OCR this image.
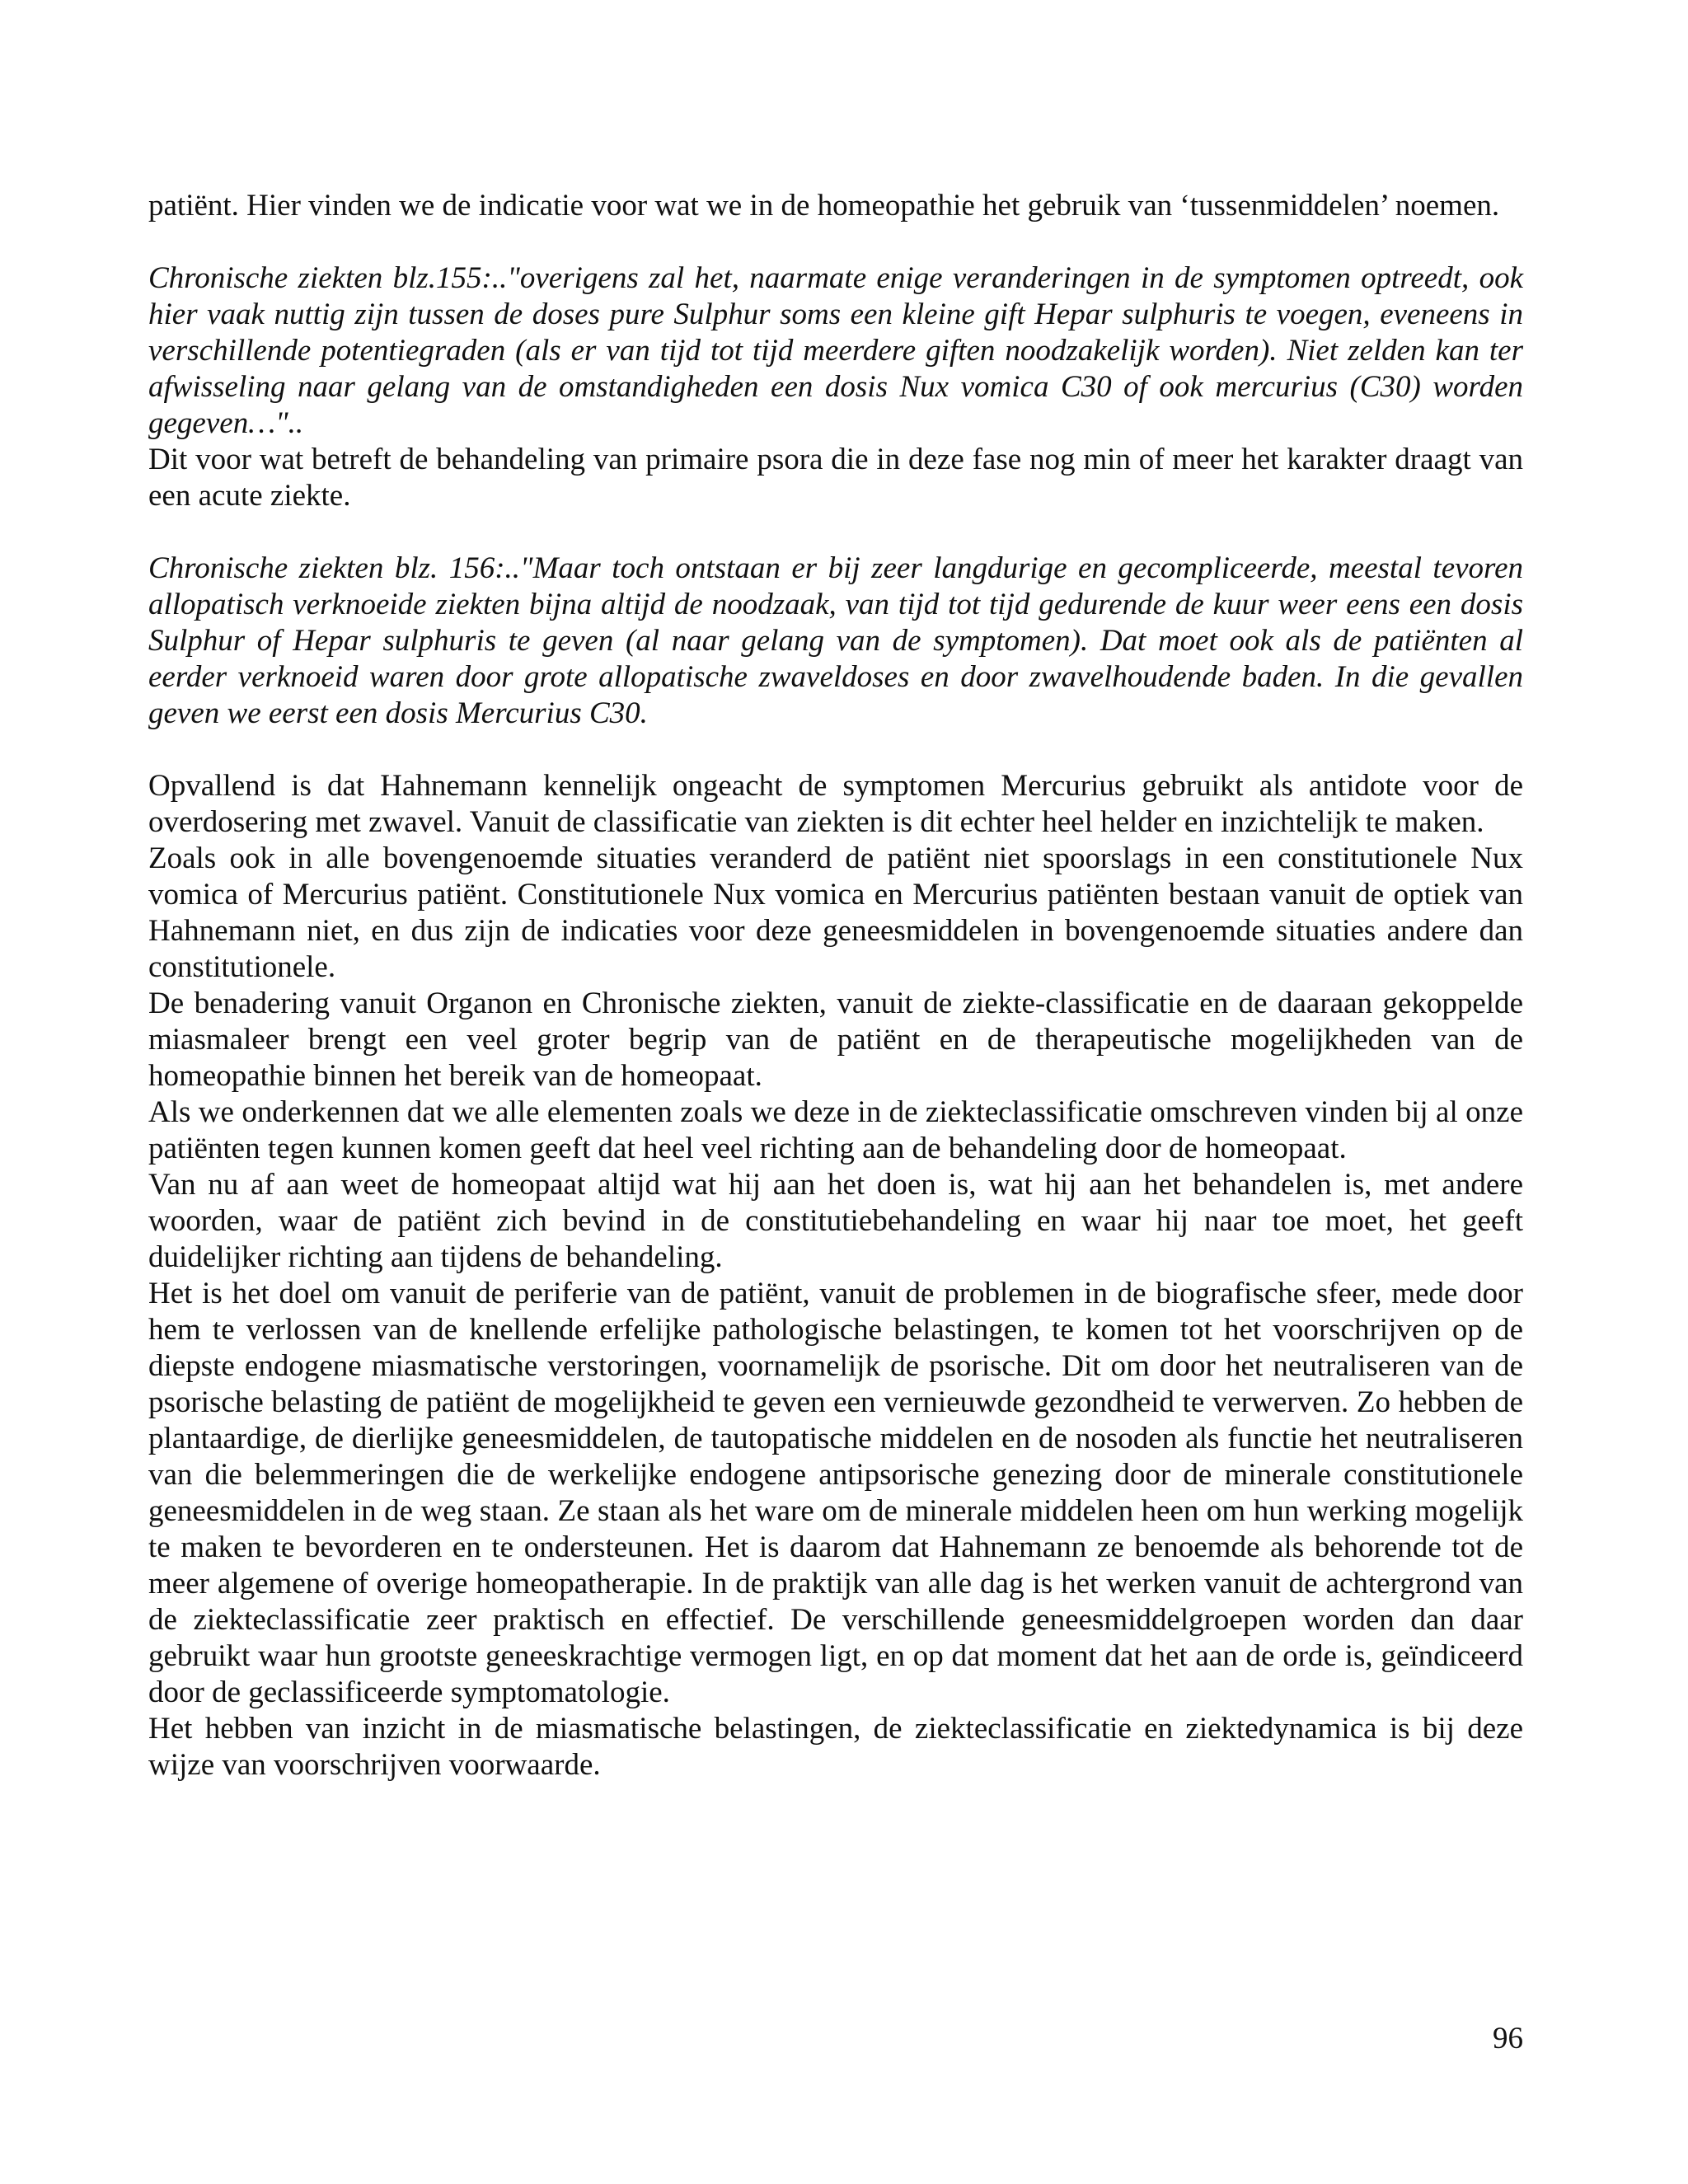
patiënt. Hier vinden we de indicatie voor wat we in de homeopathie het gebruik van ‘tussenmiddelen’ noemen.

Chronische ziekten blz.155:.."overigens zal het, naarmate enige veranderingen in de symptomen optreedt, ook hier vaak nuttig zijn tussen de doses pure Sulphur soms een kleine gift Hepar sulphuris te voegen, eveneens in verschillende potentiegraden (als er van tijd tot tijd meerdere giften noodzakelijk worden). Niet zelden kan ter afwisseling naar gelang van de omstandigheden een dosis Nux vomica C30 of ook mercurius (C30) worden gegeven…"..

Dit voor wat betreft de behandeling van primaire psora die in deze fase nog min of meer het karakter draagt van een acute ziekte.

Chronische ziekten blz. 156:.."Maar toch ontstaan er bij zeer langdurige en gecompliceerde, meestal tevoren allopatisch verknoeide ziekten bijna altijd de noodzaak, van tijd tot tijd gedurende de kuur weer eens een dosis Sulphur of Hepar sulphuris te geven (al naar gelang van de symptomen). Dat moet ook als de patiënten al eerder verknoeid waren door grote allopatische zwaveldoses en door zwavelhoudende baden. In die gevallen geven we eerst een dosis Mercurius C30.

Opvallend is dat Hahnemann kennelijk ongeacht de symptomen Mercurius gebruikt als antidote voor de overdosering met zwavel. Vanuit de classificatie van ziekten is dit echter heel helder en inzichtelijk te maken.

Zoals ook in alle bovengenoemde situaties veranderd de patiënt niet spoorslags in een constitutionele Nux vomica of Mercurius patiënt. Constitutionele Nux vomica en Mercurius patiënten bestaan vanuit de optiek van Hahnemann niet, en dus zijn de indicaties voor deze geneesmiddelen in bovengenoemde situaties andere dan constitutionele.

De benadering vanuit Organon en Chronische ziekten, vanuit de ziekte-classificatie en de daaraan gekoppelde miasmaleer brengt een veel groter begrip van de patiënt en de therapeutische mogelijkheden van de homeopathie binnen het bereik van de homeopaat.

Als we onderkennen dat we alle elementen zoals we deze in de ziekteclassificatie omschreven vinden bij al onze patiënten tegen kunnen komen geeft dat heel veel richting aan de behandeling door de homeopaat.

Van nu af aan weet de homeopaat altijd wat hij aan het doen is, wat hij aan het behandelen is, met andere woorden, waar de patiënt zich bevind in de constitutiebehandeling en waar hij naar toe moet, het geeft duidelijker richting aan tijdens de behandeling.

Het is het doel om vanuit de periferie van de patiënt, vanuit de problemen in de biografische sfeer, mede door hem te verlossen van de knellende erfelijke pathologische belastingen, te komen tot het voorschrijven op de diepste endogene miasmatische verstoringen, voornamelijk de psorische. Dit om door het neutraliseren van de psorische belasting de patiënt de mogelijkheid te geven een vernieuwde gezondheid te verwerven. Zo hebben de plantaardige, de dierlijke geneesmiddelen, de tautopatische middelen en de nosoden als functie het neutraliseren van die belemmeringen die de werkelijke endogene antipsorische genezing door de minerale constitutionele geneesmiddelen in de weg staan. Ze staan als het ware om de minerale middelen heen om hun werking mogelijk te maken te bevorderen en te ondersteunen. Het is daarom dat Hahnemann ze benoemde als behorende tot de meer algemene of overige homeopatherapie. In de praktijk van alle dag is het werken vanuit de achtergrond van de ziekteclassificatie zeer praktisch en effectief. De verschillende geneesmiddelgroepen worden dan daar gebruikt waar hun grootste geneeskrachtige vermogen ligt, en op dat moment dat het aan de orde is, geïndiceerd door de geclassificeerde symptomatologie.

Het hebben van inzicht in de miasmatische belastingen, de ziekteclassificatie en ziektedynamica is bij deze wijze van voorschrijven voorwaarde.

96
